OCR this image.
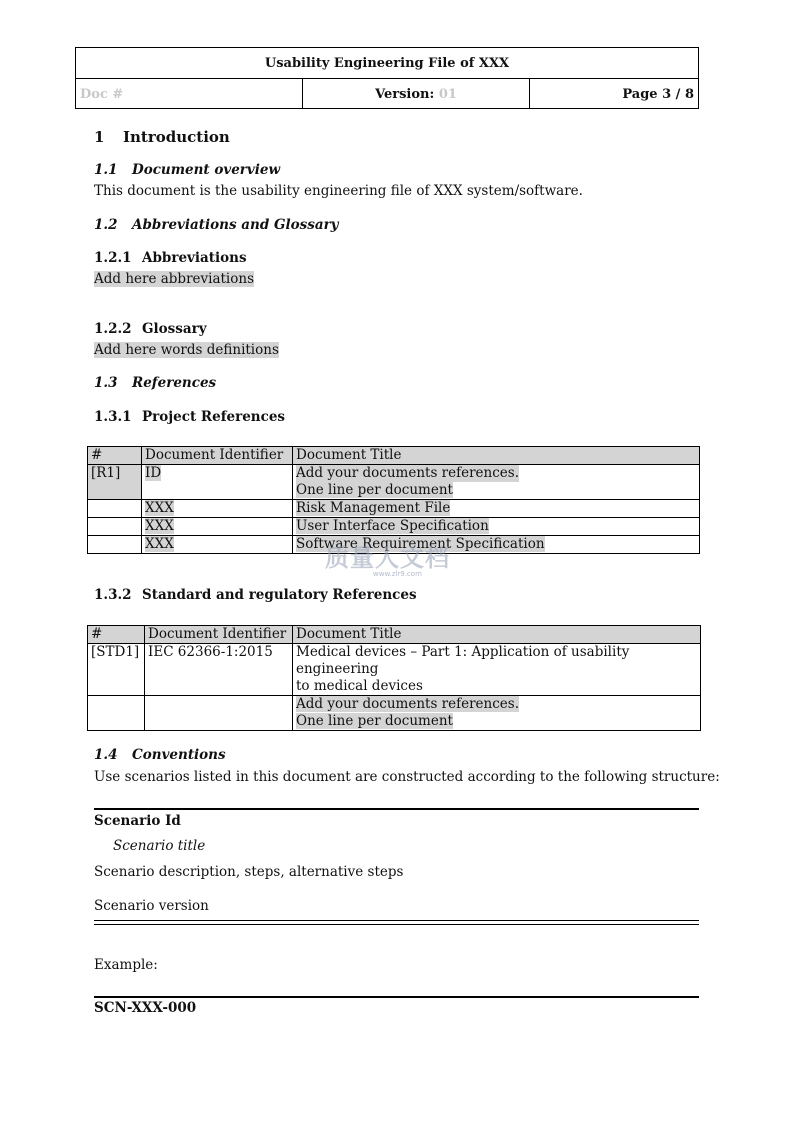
Usability Engineering File of XXX
Doc #	Version:
01	Page 3 / 8
1 Introduction
1.1 Document overview
This document is the usability engineering file of XXX system/software.
1.2 Abbreviations and Glossary
1.2.1 Abbreviations
Add here abbreviations
1.2.2 Glossary
Add here words definitions
1.3 References
1.3.1 Project References
#	Document Identifier	Document Title
[R1]	ID	Add your documents references.
One line per document
	XXX	Risk Management File
	XXX	User Interface Specification
	XXX	Software Requirement Specification
质量人文档
www.zlr9.com
1.3.2 Standard and regulatory References
#	Document Identifier	Document Title
[STD1]	IEC 62366-1:2015	Medical devices – Part 1: Application of usability engineering
to medical devices
		Add your documents references.
One line per document
1.4 Conventions
Use scenarios listed in this document are constructed according to the following structure:
Scenario Id
Scenario title
Scenario description, steps, alternative steps
Scenario version
Example:
SCN-XXX-000
